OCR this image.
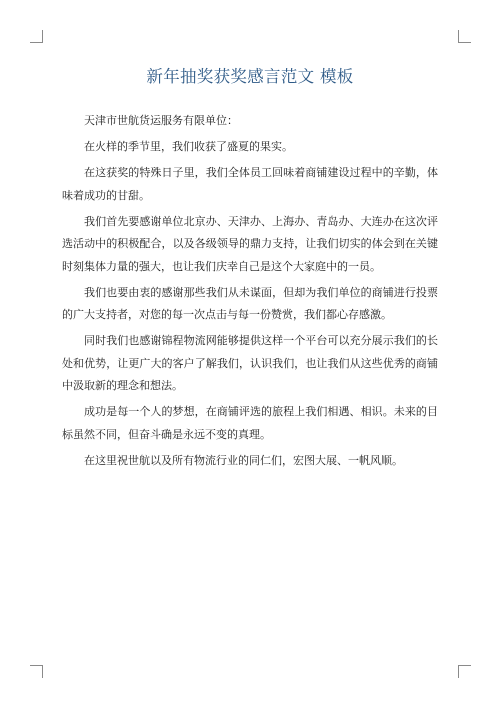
新年抽奖获奖感言范文 模板

天津市世航货运服务有限单位：

在火样的季节里，我们收获了盛夏的果实。

在这获奖的特殊日子里，我们全体员工回味着商铺建设过程中的辛勤，体味着成功的甘甜。

我们首先要感谢单位北京办、天津办、上海办、青岛办、大连办在这次评选活动中的积极配合，以及各级领导的鼎力支持，让我们切实的体会到在关键时刻集体力量的强大，也让我们庆幸自己是这个大家庭中的一员。

我们也要由衷的感谢那些我们从未谋面，但却为我们单位的商铺进行投票的广大支持者，对您的每一次点击与每一份赞赏，我们都心存感激。

同时我们也感谢锦程物流网能够提供这样一个平台可以充分展示我们的长处和优势，让更广大的客户了解我们，认识我们，也让我们从这些优秀的商铺中汲取新的理念和想法。

成功是每一个人的梦想，在商铺评选的旅程上我们相遇、相识。未来的目标虽然不同，但奋斗确是永远不变的真理。

在这里祝世航以及所有物流行业的同仁们，宏图大展、一帆风顺。
